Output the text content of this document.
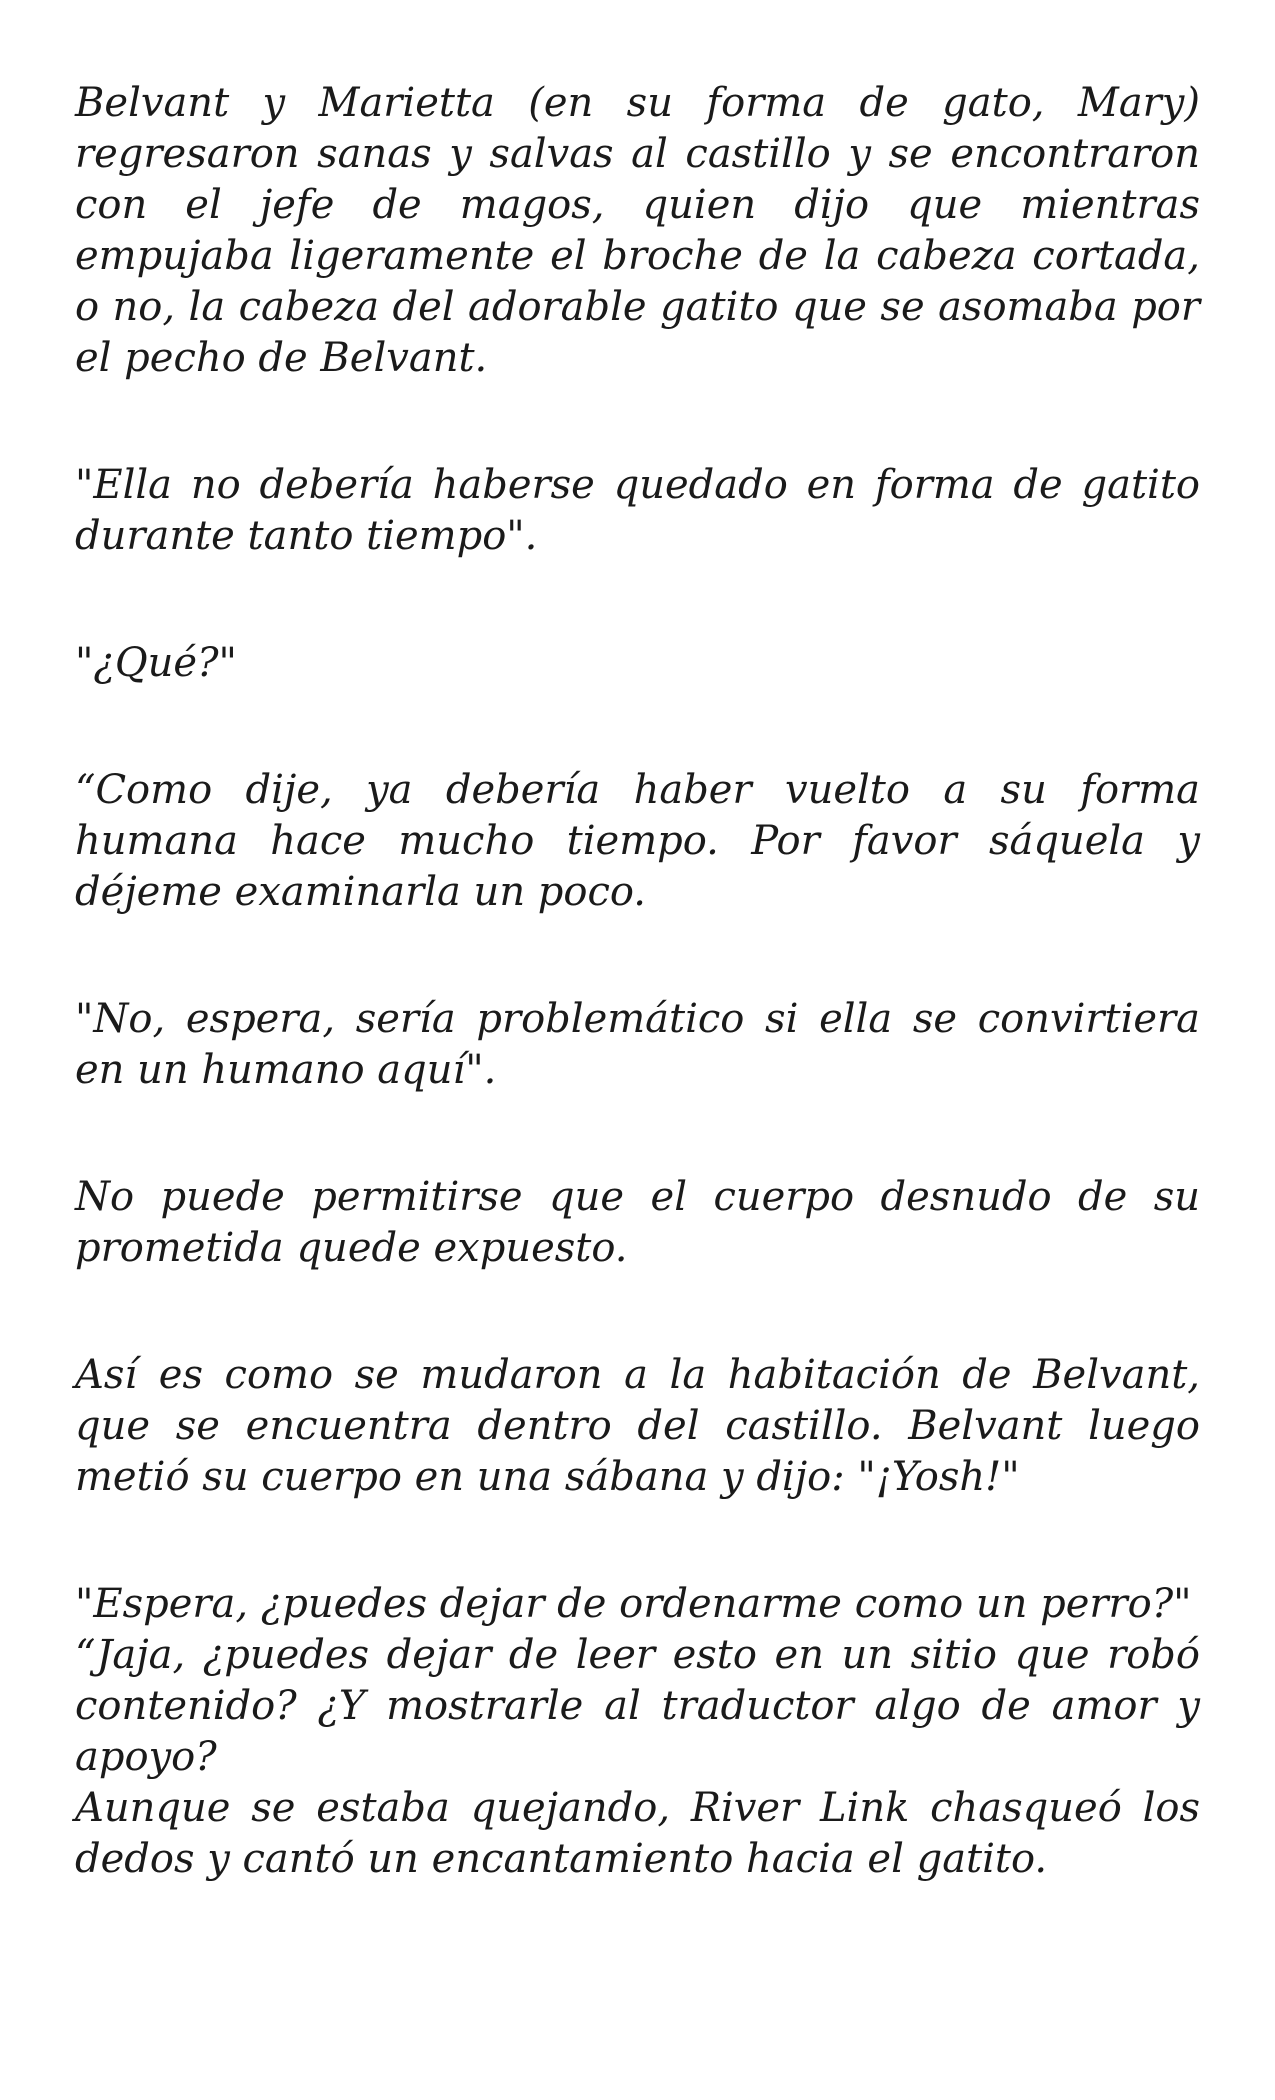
Belvant y Marietta (en su forma de gato, Mary) regresaron sanas y salvas al castillo y se encontraron con el jefe de magos, quien dijo que mientras empujaba ligeramente el broche de la cabeza cortada, o no, la cabeza del adorable gatito que se asomaba por el pecho de Belvant.

"Ella no debería haberse quedado en forma de gatito durante tanto tiempo".

"¿Qué?"

“Como dije, ya debería haber vuelto a su forma humana hace mucho tiempo. Por favor sáquela y déjeme examinarla un poco.

"No, espera, sería problemático si ella se convirtiera en un humano aquí".

No puede permitirse que el cuerpo desnudo de su prometida quede expuesto.

Así es como se mudaron a la habitación de Belvant, que se encuentra dentro del castillo. Belvant luego metió su cuerpo en una sábana y dijo: "¡Yosh!"

"Espera, ¿puedes dejar de ordenarme como un perro?"

“Jaja, ¿puedes dejar de leer esto en un sitio que robó contenido? ¿Y mostrarle al traductor algo de amor y apoyo?

Aunque se estaba quejando, River Link chasqueó los dedos y cantó un encantamiento hacia el gatito.
